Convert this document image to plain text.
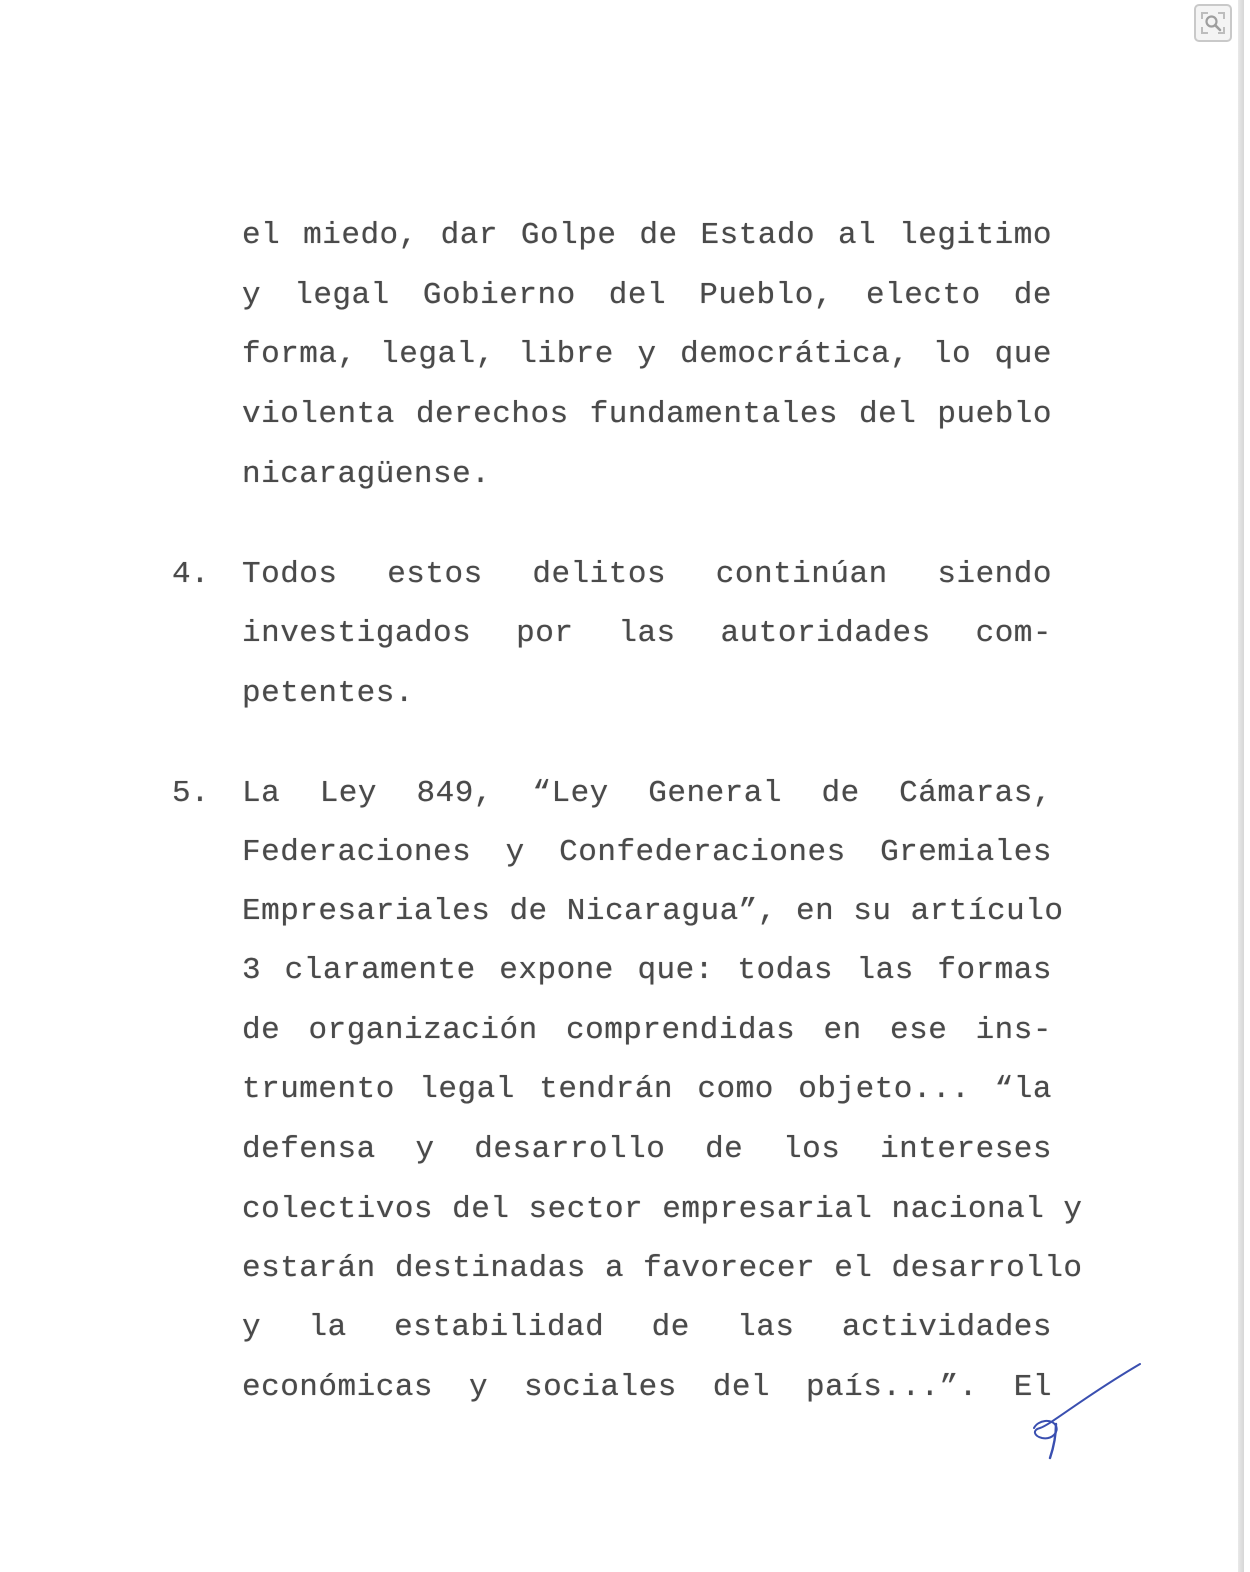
el miedo, dar Golpe de Estado al legitimo
y legal Gobierno del Pueblo, electo de
forma, legal, libre y democrática, lo que
violenta derechos fundamentales del pueblo
nicaragüense.
4.	Todos estos delitos continúan siendo
investigados por las autoridades com-
petentes.
5.	La Ley 849, “Ley General de Cámaras,
Federaciones y Confederaciones Gremiales
Empresariales de Nicaragua”, en su artículo
3 claramente expone que: todas las formas
de organización comprendidas en ese ins-
trumento legal tendrán como objeto... “la
defensa y desarrollo de los intereses
colectivos del sector empresarial nacional y
estarán destinadas a favorecer el desarrollo
y la estabilidad de las actividades
económicas y sociales del país...”. El
